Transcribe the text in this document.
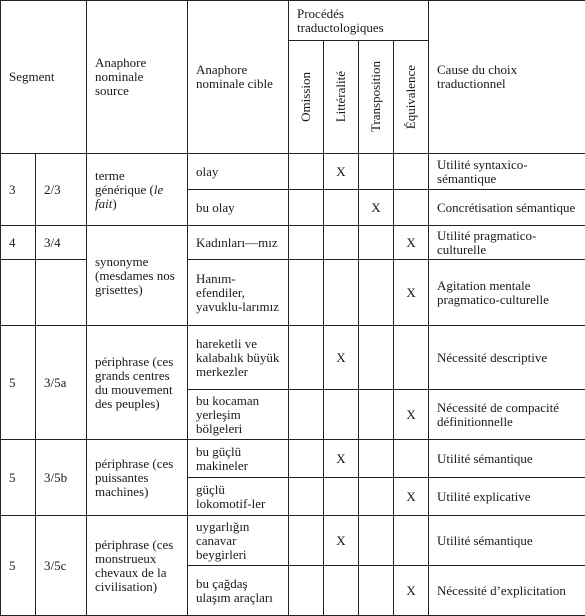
Segment		Anaphore nominale source	Anaphore nominale cible	Procédés traductologiques				Cause du choix traductionnel

				Omission	Littéralité	Transposition	Équivalence	

3	2/3	terme générique (le fait)	olay		X			Utilité syntaxico-sémantique
			bu olay			X		Concrétisation sémantique
4	3/4	synonyme (mesdames nos grisettes)	Kadınları—mız				X	Utilité pragmatico-culturelle
			Hanım-efendiler, yavuklu-larımız				X	Agitation mentale pragmatico-culturelle
5	3/5a	périphrase (ces grands centres du mouvement des peuples)	hareketli ve kalabalık büyük merkezler		X			Nécessité descriptive
			bu kocaman yerleşim bölgeleri				X	Nécessité de compacité définitionnelle
5	3/5b	périphrase (ces puissantes machines)	bu güçlü makineler		X			Utilité sémantique
			güçlü lokomotif-ler				X	Utilité explicative
5	3/5c	périphrase (ces monstrueux chevaux de la civilisation)	uygarlığın canavar beygirleri		X			Utilité sémantique
			bu çağdaş ulaşım araçları				X	Nécessité d’explicitation
